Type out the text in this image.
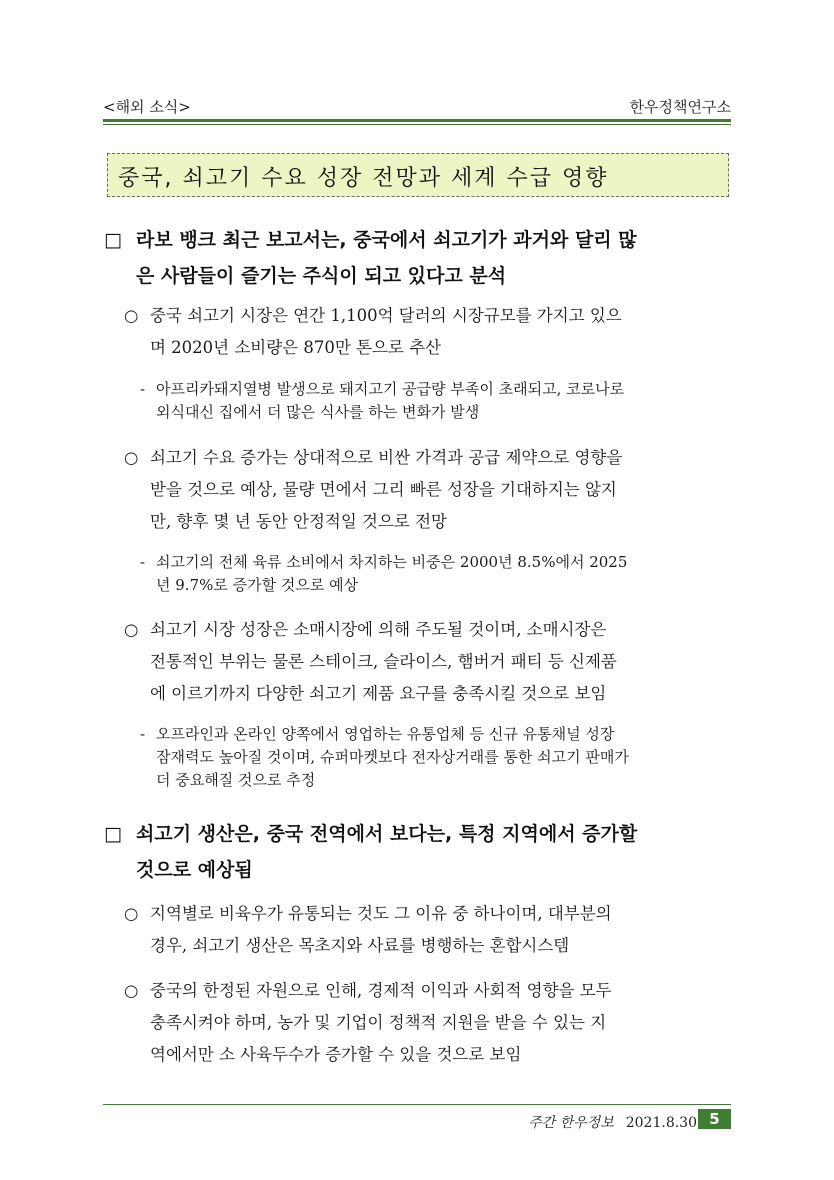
<해외 소식>	한우정책연구소
중국, 쇠고기 수요 성장 전망과 세계 수급 영향
□ 라보 뱅크 최근 보고서는, 중국에서 쇠고기가 과거와 달리 많
은 사람들이 즐기는 주식이 되고 있다고 분석
○ 중국 쇠고기 시장은 연간 1,100억 달러의 시장규모를 가지고 있으
며 2020년 소비량은 870만 톤으로 추산
- 아프리카돼지열병 발생으로 돼지고기 공급량 부족이 초래되고, 코로나로
외식대신 집에서 더 많은 식사를 하는 변화가 발생
○ 쇠고기 수요 증가는 상대적으로 비싼 가격과 공급 제약으로 영향을
받을 것으로 예상, 물량 면에서 그리 빠른 성장을 기대하지는 않지
만, 향후 몇 년 동안 안정적일 것으로 전망
- 쇠고기의 전체 육류 소비에서 차지하는 비중은 2000년 8.5%에서 2025
년 9.7%로 증가할 것으로 예상
○ 쇠고기 시장 성장은 소매시장에 의해 주도될 것이며, 소매시장은
전통적인 부위는 물론 스테이크, 슬라이스, 햄버거 패티 등 신제품
에 이르기까지 다양한 쇠고기 제품 요구를 충족시킬 것으로 보임
- 오프라인과 온라인 양쪽에서 영업하는 유통업체 등 신규 유통채널 성장
잠재력도 높아질 것이며, 슈퍼마켓보다 전자상거래를 통한 쇠고기 판매가
더 중요해질 것으로 추정
□ 쇠고기 생산은, 중국 전역에서 보다는, 특정 지역에서 증가할
것으로 예상됨
○ 지역별로 비육우가 유통되는 것도 그 이유 중 하나이며, 대부분의
경우, 쇠고기 생산은 목초지와 사료를 병행하는 혼합시스템
○ 중국의 한정된 자원으로 인해, 경제적 이익과 사회적 영향을 모두
충족시켜야 하며, 농가 및 기업이 정책적 지원을 받을 수 있는 지
역에서만 소 사육두수가 증가할 수 있을 것으로 보임
주간 한우정보 2021.8.30 5
